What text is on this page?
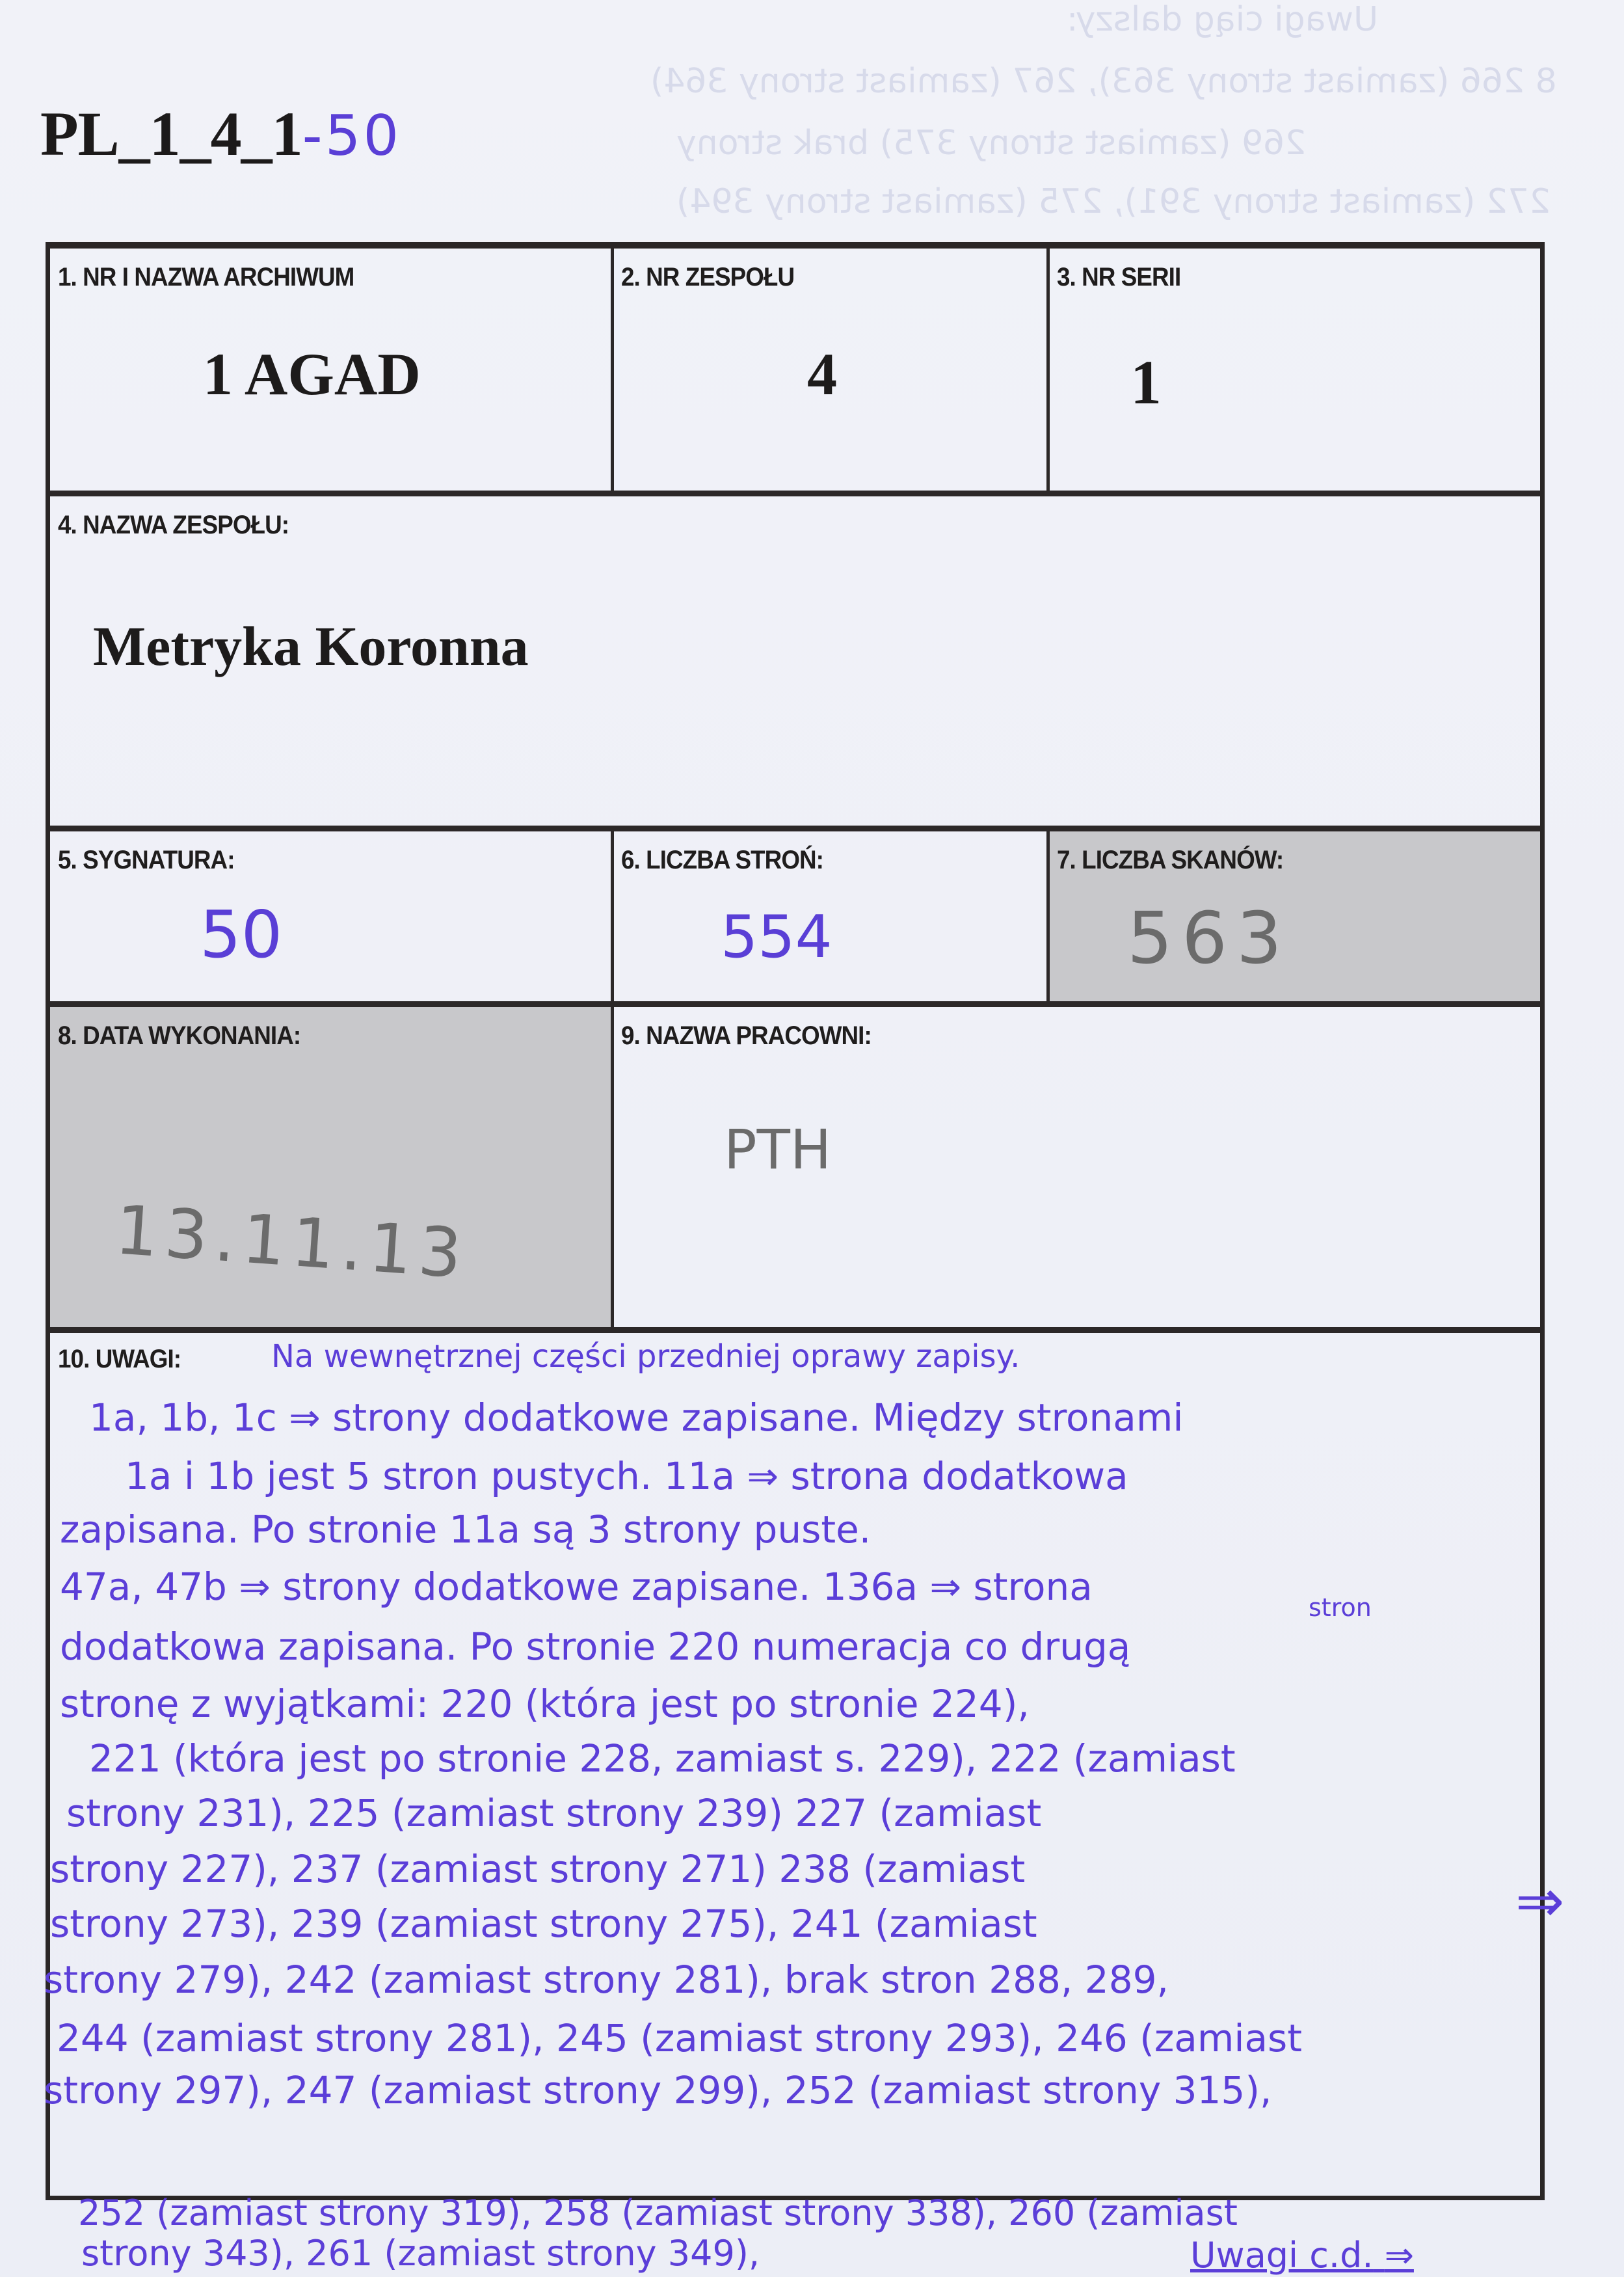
Uwagi ciąg dalszy:
8 266 (zamiast strony 363), 267 (zamiast strony 364)
269 (zamiast strony 375) brak strony
272 (zamiast strony 391), 275 (zamiast strony 394)
PL_1_4_1-50
1. NR I NAZWA ARCHIWUM
1 AGAD
2. NR ZESPOŁU
4
3. NR SERII
1
4. NAZWA ZESPOŁU:
Metryka Koronna
5. SYGNATURA:
50
6. LICZBA STROŃ:
554
7. LICZBA SKANÓW:
563
8. DATA WYKONANIA:
13.11.13
9. NAZWA PRACOWNI:
PTH
10. UWAGI:	Na wewnętrznej części przedniej oprawy zapisy.
1a, 1b, 1c ⇒ strony dodatkowe zapisane. Między stronami
1a i 1b jest 5 stron pustych. 11a ⇒ strona dodatkowa
zapisana. Po stronie 11a są 3 strony puste.
47a, 47b ⇒ strony dodatkowe zapisane. 136a ⇒ strona
dodatkowa zapisana. Po stronie 220 numeracja co drugą
stron
stronę z wyjątkami: 220 (która jest po stronie 224),
221 (która jest po stronie 228, zamiast s. 229), 222 (zamiast
strony 231), 225 (zamiast strony 239) 227 (zamiast
strony 227), 237 (zamiast strony 271) 238 (zamiast
strony 273), 239 (zamiast strony 275), 241 (zamiast
strony 279), 242 (zamiast strony 281), brak stron 288, 289,
244 (zamiast strony 281), 245 (zamiast strony 293), 246 (zamiast
strony 297), 247 (zamiast strony 299), 252 (zamiast strony 315),
⇒
252 (zamiast strony 319), 258 (zamiast strony 338), 260 (zamiast
strony 343), 261 (zamiast strony 349),	Uwagi c.d. ⇒
